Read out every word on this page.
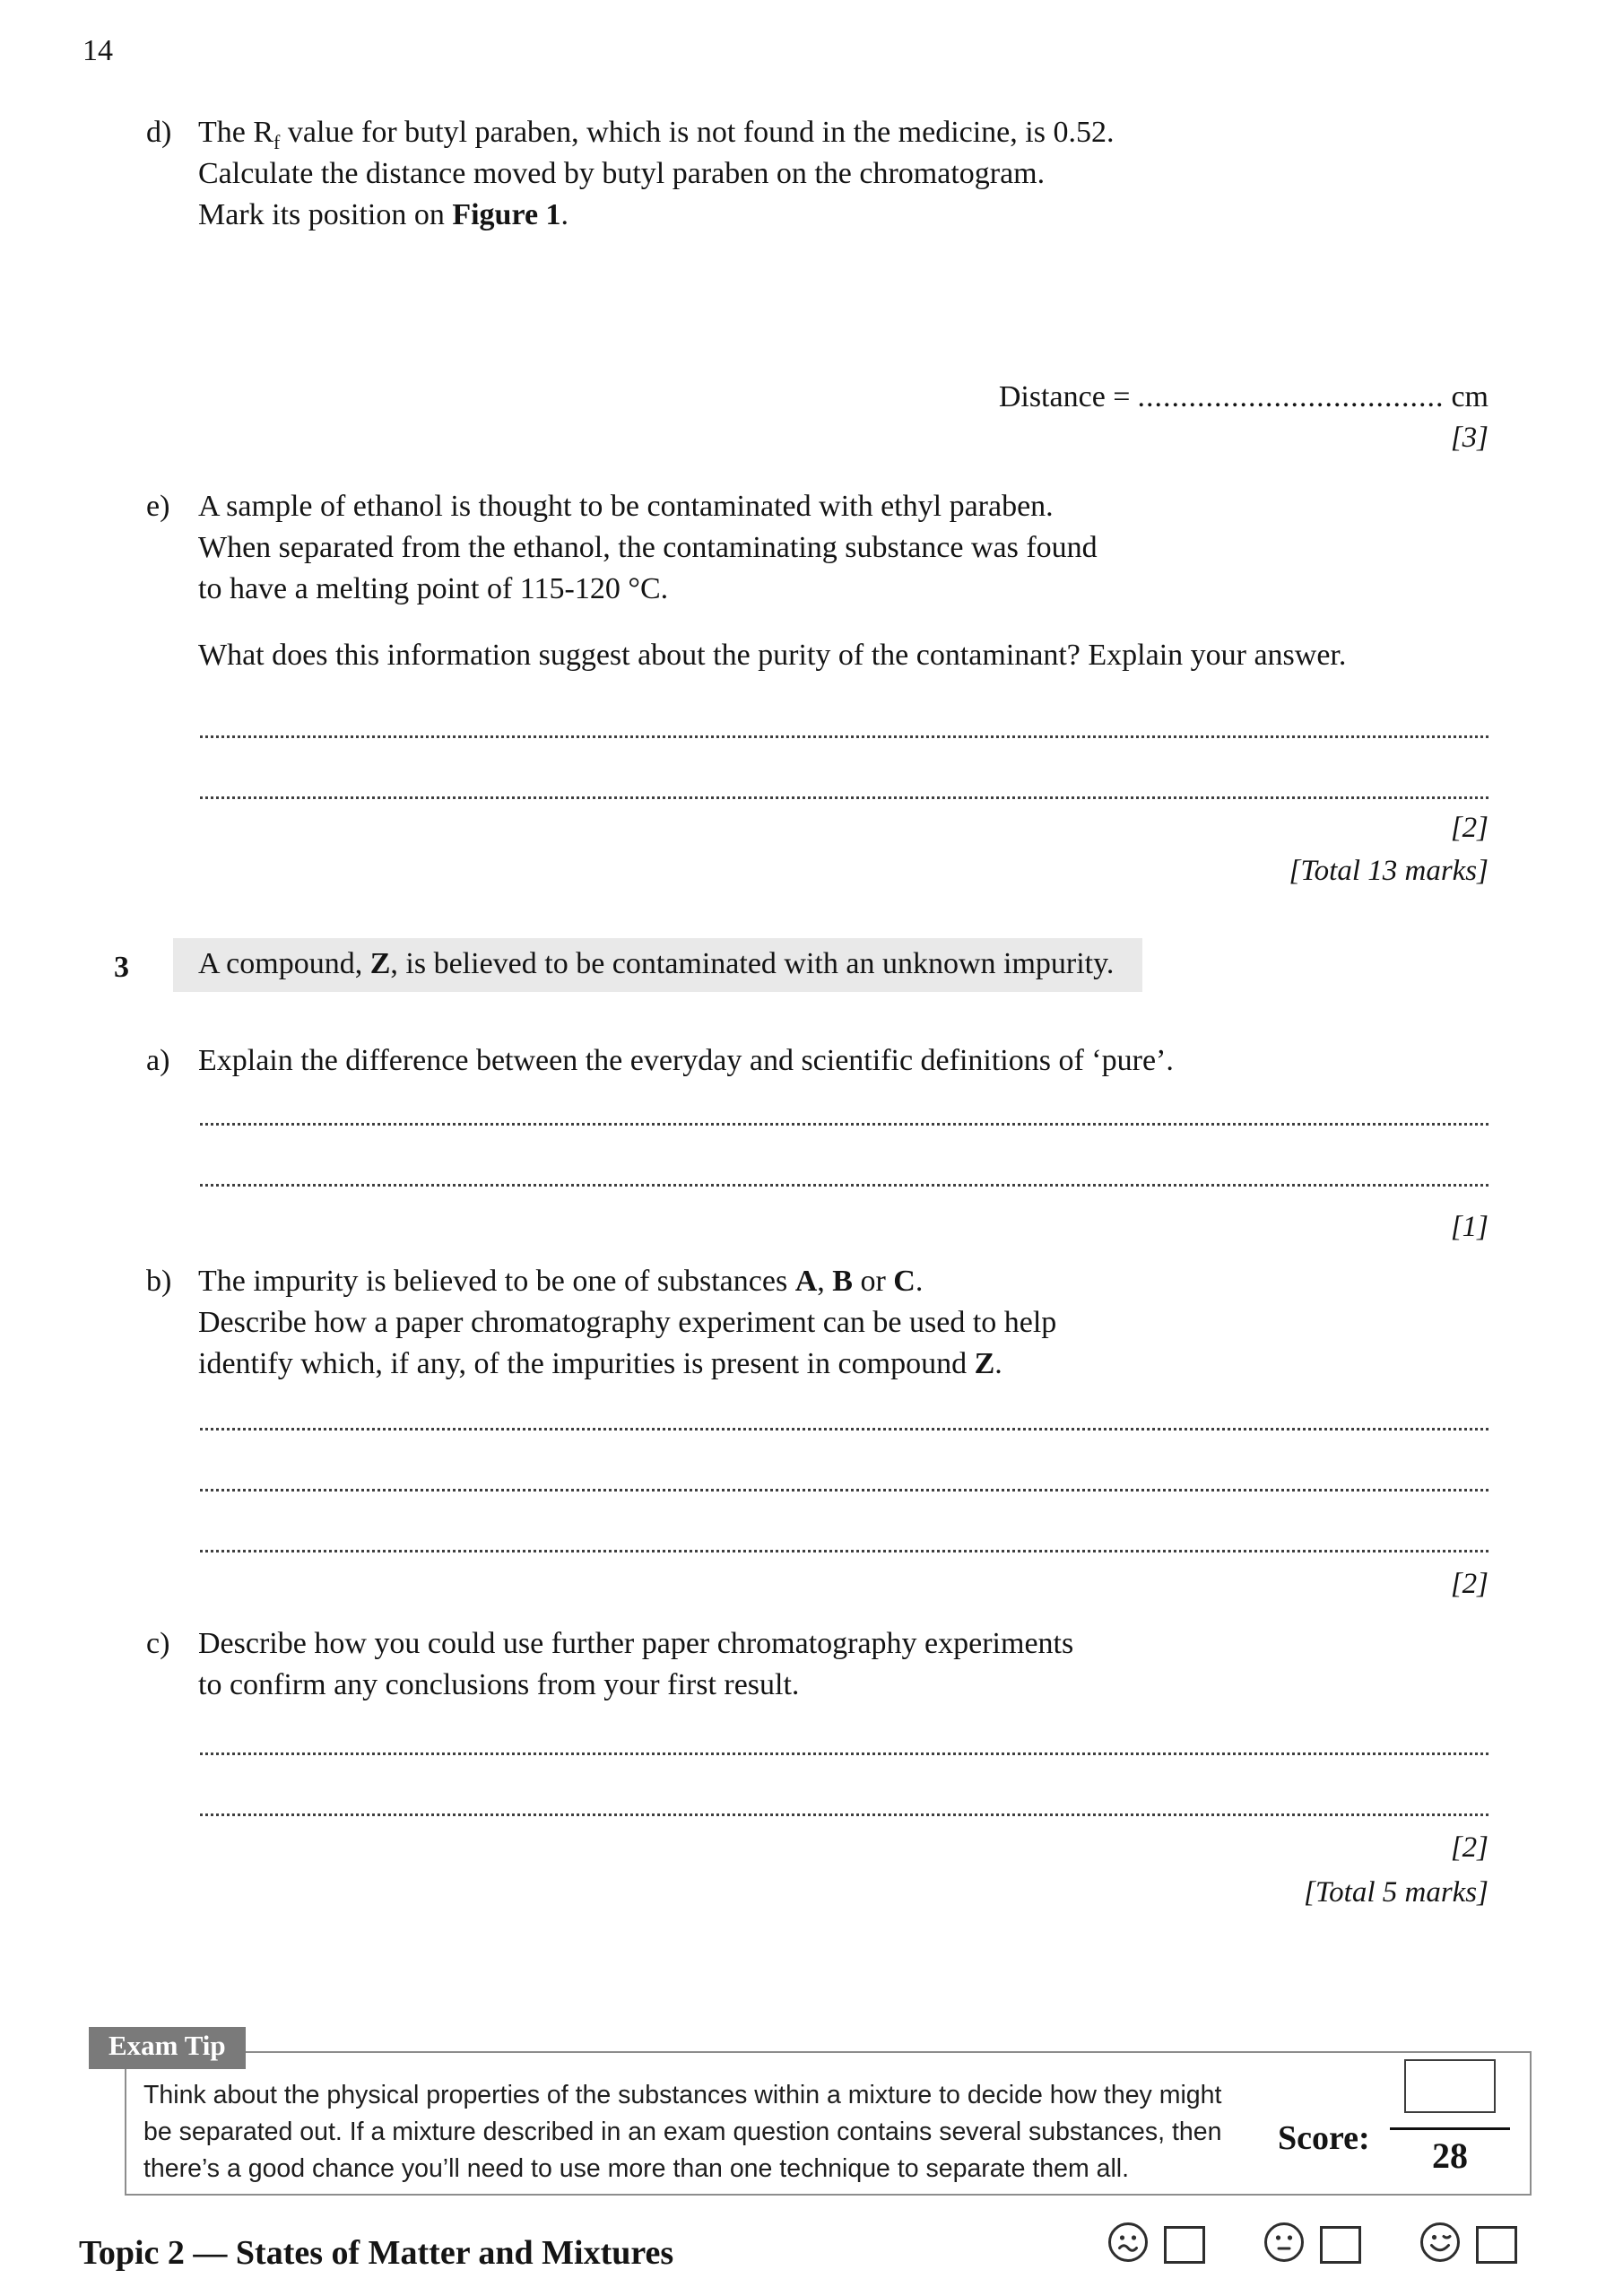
14
d) The $R_f$ value for butyl paraben, which is not found in the medicine, is 0.52.
Calculate the distance moved by butyl paraben on the chromatogram.
Mark its position on Figure 1.
Distance = .................................... cm
[3]
e) A sample of ethanol is thought to be contaminated with ethyl paraben.
When separated from the ethanol, the contaminating substance was found
to have a melting point of 115-120 °C.
What does this information suggest about the purity of the contaminant? Explain your answer.
[2]
[Total 13 marks]
3	A compound, Z, is believed to be contaminated with an unknown impurity.
a) Explain the difference between the everyday and scientific definitions of ‘pure’.
[1]
b) The impurity is believed to be one of substances A, B or C.
Describe how a paper chromatography experiment can be used to help
identify which, if any, of the impurities is present in compound Z.
[2]
c) Describe how you could use further paper chromatography experiments
to confirm any conclusions from your first result.
[2]
[Total 5 marks]
Exam Tip
Think about the physical properties of the substances within a mixture to decide how they might
be separated out. If a mixture described in an exam question contains several substances, then
there’s a good chance you’ll need to use more than one technique to separate them all.
Score:	28
Topic 2 — States of Matter and Mixtures
